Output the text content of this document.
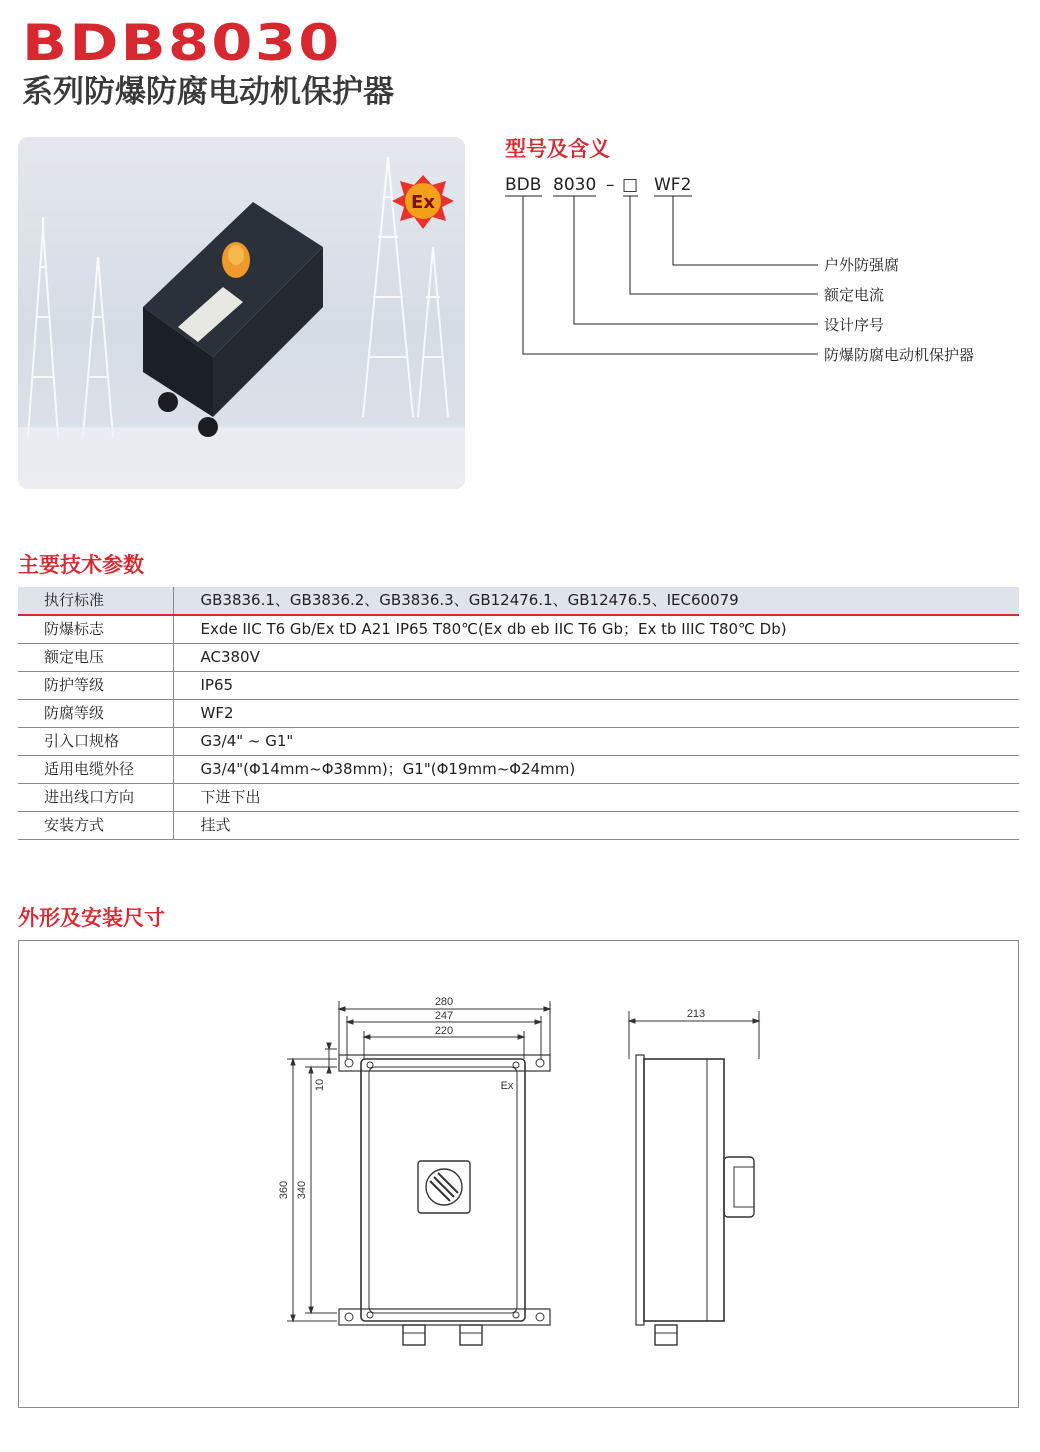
BDB8030
系列防爆防腐电动机保护器
Ex
型号及含义
BDB 8030 – □ WF2
户外防强腐
额定电流
设计序号
防爆防腐电动机保护器
主要技术参数
执行标准	GB3836.1、GB3836.2、GB3836.3、GB12476.1、GB12476.5、IEC60079
防爆标志	Exde IIC T6 Gb/Ex tD A21 IP65 T80℃(Ex db eb IIC T6 Gb；Ex tb IIIC T80℃ Db)
额定电压	AC380V
防护等级	IP65
防腐等级	WF2
引入口规格	G3/4" ~ G1"
适用电缆外径	G3/4"(Φ14mm~Φ38mm)；G1"(Φ19mm~Φ24mm)
进出线口方向	下进下出
安装方式	挂式
外形及安装尺寸
280
247
220
213
360 340
10	Ex
